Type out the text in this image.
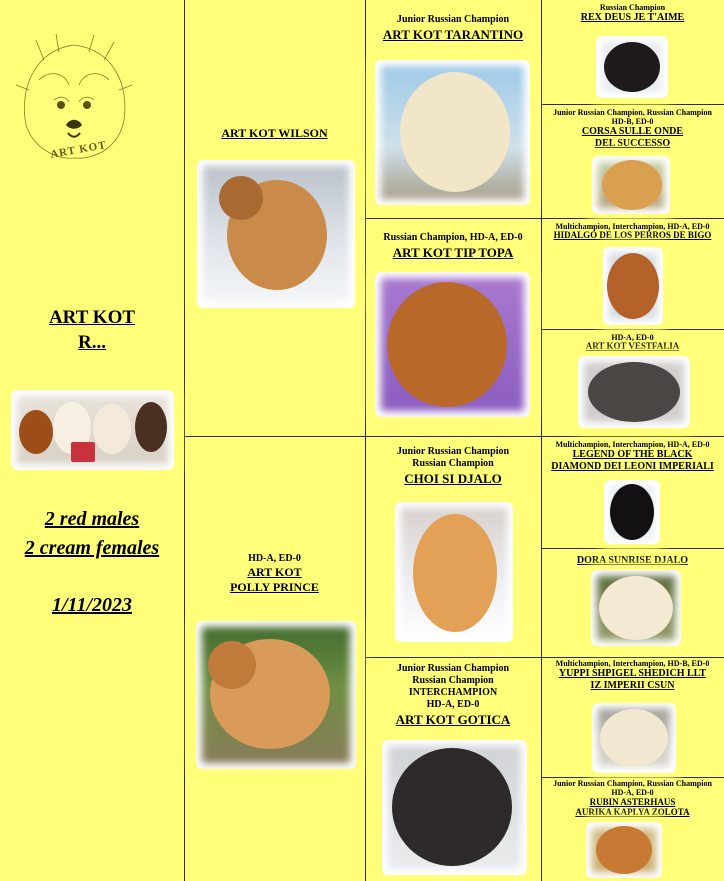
ART KOT
ART KOT
R...
2 red males
2 cream females
1/11/2023
ART KOT WILSON
HD-A, ED-0
ART KOT
POLLY PRINCE
Junior Russian Champion
ART KOT TARANTINO
Russian Champion, HD-A, ED-0
ART KOT TIP TOPA
Junior Russian Champion
Russian Champion
CHOI SI DJALO
Junior Russian Champion
Russian Champion
INTERCHAMPION
HD-A, ED-0
ART KOT GOTICA
Russian Champion
REX DEUS JE T'AIME
Junior Russian Champion, Russian Champion
HD-B, ED-0
CORSA SULLE ONDE
DEL SUCCESSO
Multichampion, Interchampion, HD-A, ED-0
HIDALGO DE LOS PERROS DE BIGO
HD-A, ED-0
ART KOT VESTFALIA
Multichampion, Interchampion, HD-A, ED-0
LEGEND OF THE BLACK
DIAMOND DEI LEONI IMPERIALI
DORA SUNRISE DJALO
Multichampion, Interchampion, HD-B, ED-0
YUPPI SHPIGEL SHEDICH LLT
IZ IMPERII CSUN
Junior Russian Champion, Russian Champion
HD-A, ED-0
RUBIN ASTERHAUS
AURIKA KAPLYA ZOLOTA
